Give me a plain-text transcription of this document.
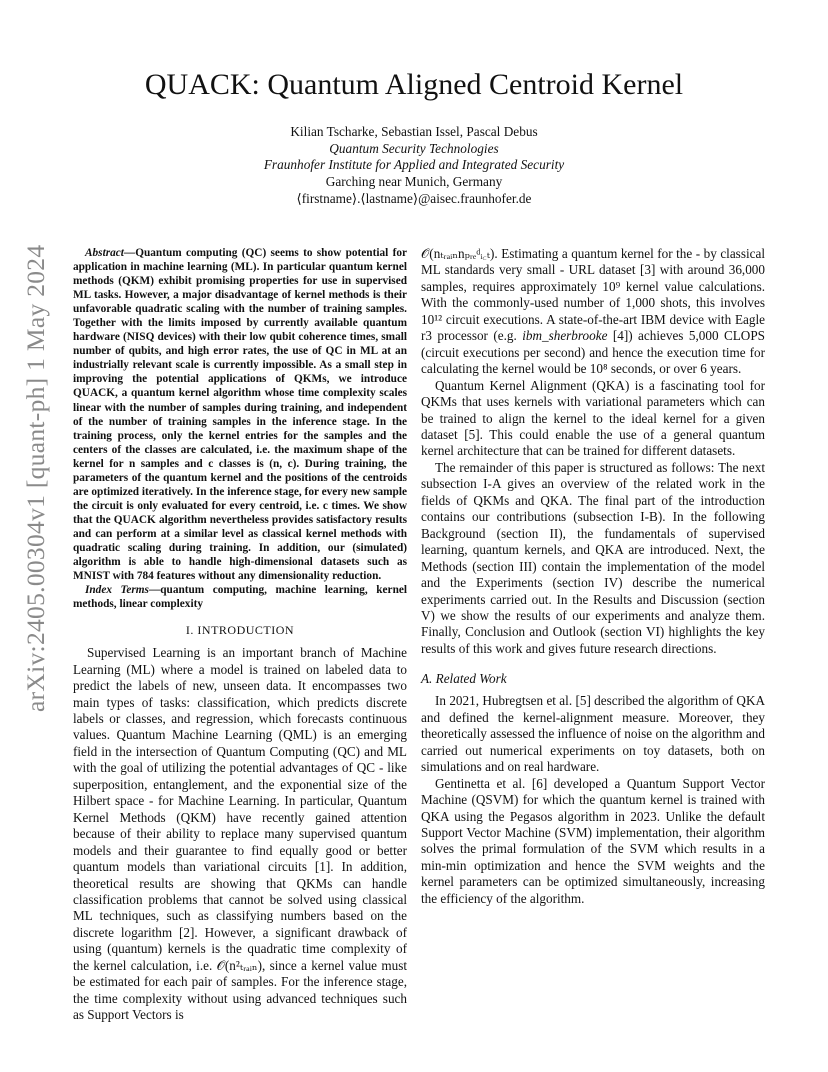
arXiv:2405.00304v1 [quant-ph] 1 May 2024
QUACK: Quantum Aligned Centroid Kernel
Kilian Tscharke, Sebastian Issel, Pascal Debus
Quantum Security Technologies
Fraunhofer Institute for Applied and Integrated Security
Garching near Munich, Germany
⟨firstname⟩.⟨lastname⟩@aisec.fraunhofer.de

Abstract—Quantum computing (QC) seems to show potential for application in machine learning (ML). In particular quantum kernel methods (QKM) exhibit promising properties for use in supervised ML tasks. However, a major disadvantage of kernel methods is their unfavorable quadratic scaling with the number of training samples. Together with the limits imposed by currently available quantum hardware (NISQ devices) with their low qubit coherence times, small number of qubits, and high error rates, the use of QC in ML at an industrially relevant scale is currently impossible. As a small step in improving the potential applications of QKMs, we introduce QUACK, a quantum kernel algorithm whose time complexity scales linear with the number of samples during training, and independent of the number of training samples in the inference stage. In the training process, only the kernel entries for the samples and the centers of the classes are calculated, i.e. the maximum shape of the kernel for n samples and c classes is (n, c). During training, the parameters of the quantum kernel and the positions of the centroids are optimized iteratively. In the inference stage, for every new sample the circuit is only evaluated for every centroid, i.e. c times. We show that the QUACK algorithm nevertheless provides satisfactory results and can perform at a similar level as classical kernel methods with quadratic scaling during training. In addition, our (simulated) algorithm is able to handle high-dimensional datasets such as MNIST with 784 features without any dimensionality reduction.

Index Terms—quantum computing, machine learning, kernel methods, linear complexity

I. INTRODUCTION

Supervised Learning is an important branch of Machine Learning (ML) where a model is trained on labeled data to predict the labels of new, unseen data. It encompasses two main types of tasks: classification, which predicts discrete labels or classes, and regression, which forecasts continuous values. Quantum Machine Learning (QML) is an emerging field in the intersection of Quantum Computing (QC) and ML with the goal of utilizing the potential advantages of QC - like superposition, entanglement, and the exponential size of the Hilbert space - for Machine Learning. In particular, Quantum Kernel Methods (QKM) have recently gained attention because of their ability to replace many supervised quantum models and their guarantee to find equally good or better quantum models than variational circuits [1]. In addition, theoretical results are showing that QKMs can handle classification problems that cannot be solved using classical ML techniques, such as classifying numbers based on the discrete logarithm [2]. However, a significant drawback of using (quantum) kernels is the quadratic time complexity of the kernel calculation, i.e. 𝒪(n²ₜᵣₐᵢₙ), since a kernel value must be estimated for each pair of samples. For the inference stage, the time complexity without using advanced techniques such as Support Vectors is

𝒪(nₜᵣₐᵢₙnₚᵣₑᵈᵢ꜀ₜ). Estimating a quantum kernel for the - by classical ML standards very small - URL dataset [3] with around 36,000 samples, requires approximately 10⁹ kernel value calculations. With the commonly-used number of 1,000 shots, this involves 10¹² circuit executions. A state-of-the-art IBM device with Eagle r3 processor (e.g. ibm_sherbrooke [4]) achieves 5,000 CLOPS (circuit executions per second) and hence the execution time for calculating the kernel would be 10⁸ seconds, or over 6 years.

Quantum Kernel Alignment (QKA) is a fascinating tool for QKMs that uses kernels with variational parameters which can be trained to align the kernel to the ideal kernel for a given dataset [5]. This could enable the use of a general quantum kernel architecture that can be trained for different datasets.

The remainder of this paper is structured as follows: The next subsection I-A gives an overview of the related work in the fields of QKMs and QKA. The final part of the introduction contains our contributions (subsection I-B). In the following Background (section II), the fundamentals of supervised learning, quantum kernels, and QKA are introduced. Next, the Methods (section III) contain the implementation of the model and the Experiments (section IV) describe the numerical experiments carried out. In the Results and Discussion (section V) we show the results of our experiments and analyze them. Finally, Conclusion and Outlook (section VI) highlights the key results of this work and gives future research directions.

A. Related Work

In 2021, Hubregtsen et al. [5] described the algorithm of QKA and defined the kernel-alignment measure. Moreover, they theoretically assessed the influence of noise on the algorithm and carried out numerical experiments on toy datasets, both on simulations and on real hardware.

Gentinetta et al. [6] developed a Quantum Support Vector Machine (QSVM) for which the quantum kernel is trained with QKA using the Pegasos algorithm in 2023. Unlike the default Support Vector Machine (SVM) implementation, their algorithm solves the primal formulation of the SVM which results in a min-min optimization and hence the SVM weights and the kernel parameters can be optimized simultaneously, increasing the efficiency of the algorithm.
